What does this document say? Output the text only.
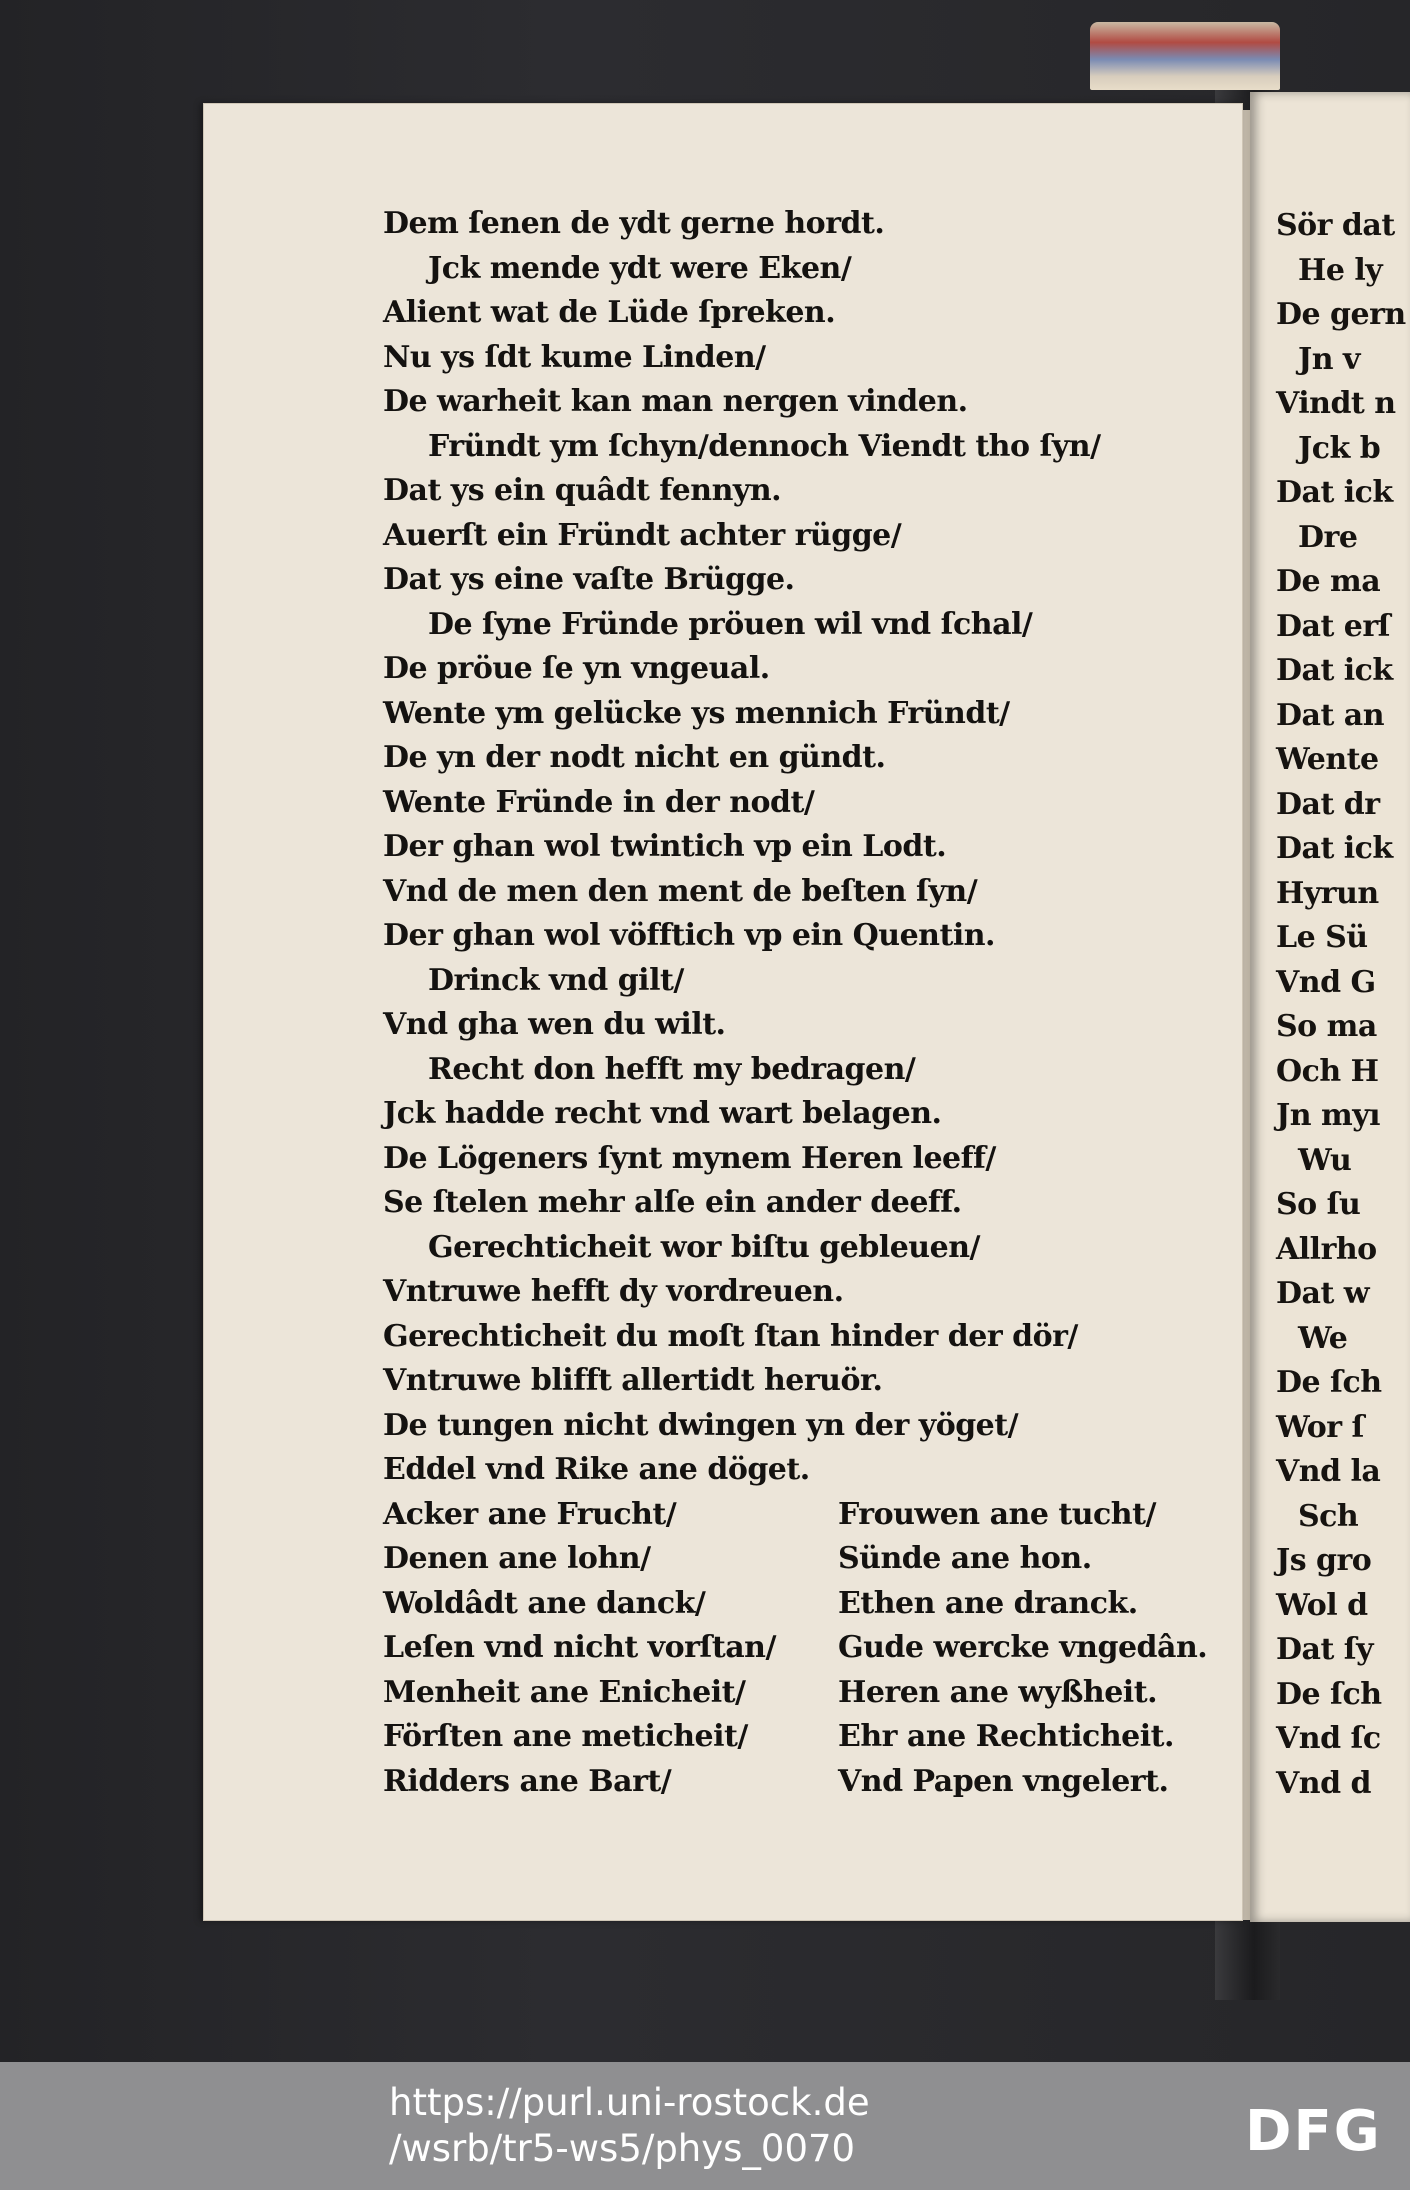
Dem ſenen de ydt gerne hordt.
Jck mende ydt were Eken/
Alient wat de Lüde ſpreken.
Nu ys ſdt kume Linden/
De warheit kan man nergen vinden.
Fründt ym ſchyn/dennoch Viendt tho ſyn/
Dat ys ein quâdt fennyn.
Auerſt ein Fründt achter rügge/
Dat ys eine vaſte Brügge.
De ſyne Fründe pröuen wil vnd ſchal/
De pröue ſe yn vngeual.
Wente ym gelücke ys mennich Fründt/
De yn der nodt nicht en gündt.
Wente Fründe in der nodt/
Der ghan wol twintich vp ein Lodt.
Vnd de men den ment de beſten ſyn/
Der ghan wol vöfftich vp ein Quentin.
Drinck vnd gilt/
Vnd gha wen du wilt.
Recht don hefft my bedragen/
Jck hadde recht vnd wart belagen.
De Lögeners ſynt mynem Heren leeff/
Se ſtelen mehr alſe ein ander deeff.
Gerechticheit wor biſtu gebleuen/
Vntruwe hefft dy vordreuen.
Gerechticheit du moſt ſtan hinder der dör/
Vntruwe blifft allertidt heruör.
De tungen nicht dwingen yn der yöget/
Eddel vnd Rike ane döget.
Acker ane Frucht/	Frouwen ane tucht/
Denen ane lohn/	Sünde ane hon.
Woldâdt ane danck/	Ethen ane dranck.
Leſen vnd nicht vorſtan/	Gude wercke vngedân.
Menheit ane Enicheit/	Heren ane wyßheit.
Förſten ane meticheit/	Ehr ane Rechticheit.
Ridders ane Bart/	Vnd Papen vngelert.
Sör dat
He ly
De gern
Jn v
Vindt n
Jck b
Dat ick
Dre
De ma
Dat erſ
Dat ick
Dat an
Wente
Dat dr
Dat ick
Hyrun
Le Sü
Vnd G
So ma
Och H
Jn myı
Wu
So ſu
Allrho
Dat w
We
De ſch
Wor ſ
Vnd la
Sch
Js gro
Wol d
Dat ſy
De ſch
Vnd ſc
Vnd d
https://purl.uni-rostock.de
/wsrb/tr5-ws5/phys_0070	DFG
